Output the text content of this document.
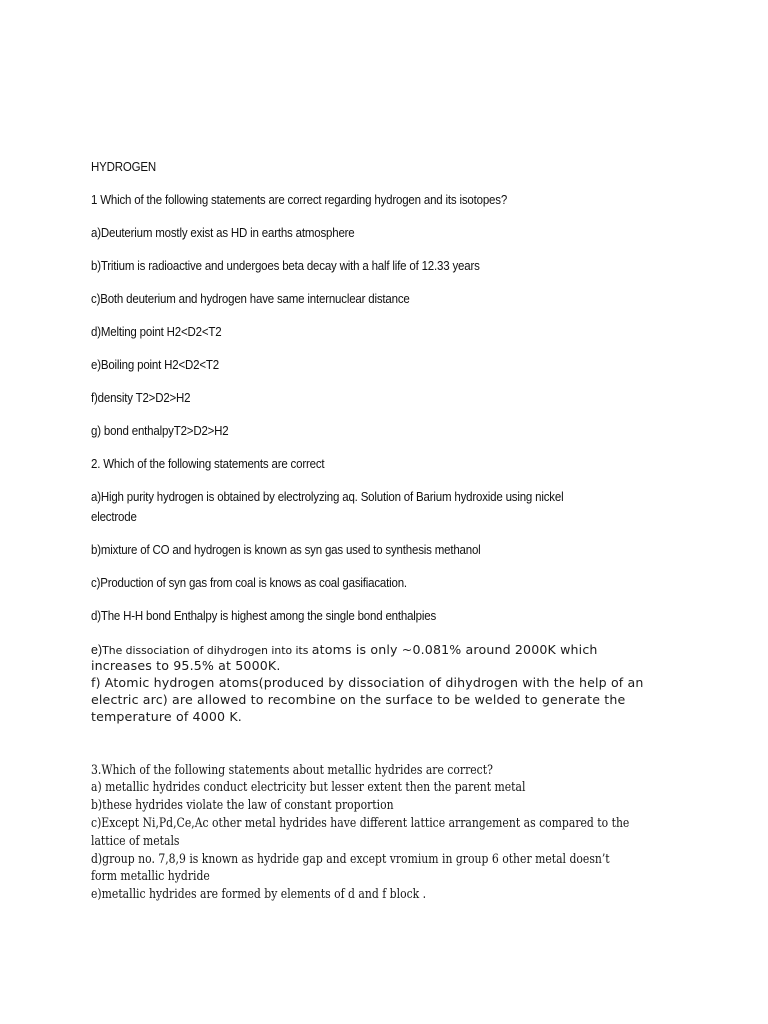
HYDROGEN

1 Which of the following statements are correct regarding hydrogen and its isotopes?

a)Deuterium mostly exist as HD in earths atmosphere

b)Tritium is radioactive and undergoes beta decay with a half life of 12.33 years

c)Both deuterium and hydrogen have same internuclear distance

d)Melting point H2<D2<T2

e)Boiling point H2<D2<T2

f)density T2>D2>H2

g) bond enthalpyT2>D2>H2

2. Which of the following statements are correct

a)High purity hydrogen is obtained by electrolyzing aq. Solution of Barium hydroxide using nickel

electrode

b)mixture of CO and hydrogen is known as syn gas used to synthesis methanol

c)Production of syn gas from coal is knows as coal gasifiacation.

d)The H-H bond Enthalpy is highest among the single bond enthalpies

e)The dissociation of dihydrogen into its atoms is only ~0.081% around 2000K which

increases to 95.5% at 5000K.

f) Atomic hydrogen atoms(produced by dissociation of dihydrogen with the help of an

electric arc) are allowed to recombine on the surface to be welded to generate the

temperature of 4000 K.

3.Which of the following statements about metallic hydrides are correct?

a) metallic hydrides conduct electricity but lesser extent then the parent metal

b)these hydrides violate the law of constant proportion

c)Except Ni,Pd,Ce,Ac other metal hydrides have different lattice arrangement as compared to the

lattice of metals

d)group no. 7,8,9 is known as hydride gap and except vromium in group 6 other metal doesn’t

form metallic hydride

e)metallic hydrides are formed by elements of d and f block .
